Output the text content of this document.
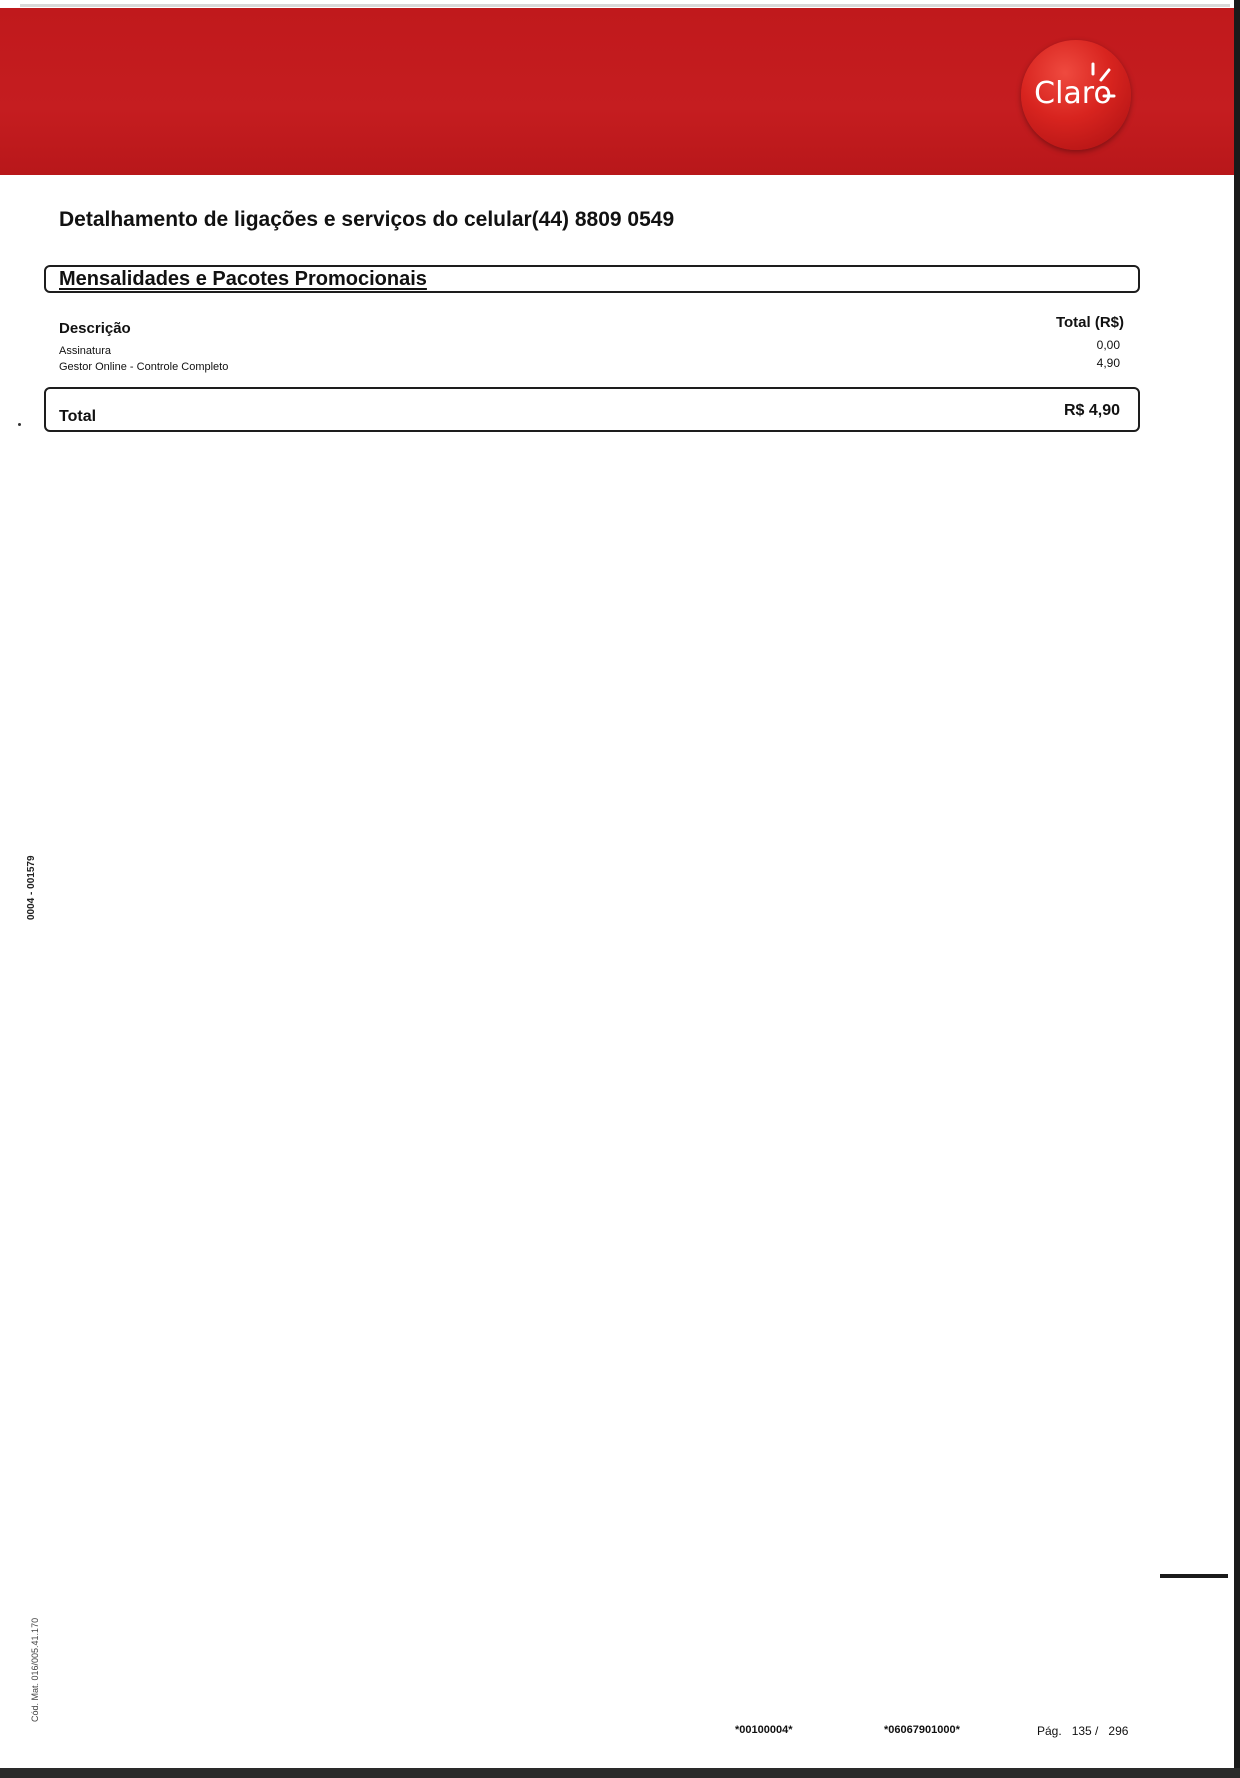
Claro
Detalhamento de ligações e serviços do celular(44) 8809 0549
Mensalidades e Pacotes Promocionais
Descrição	Total (R$)
Assinatura	0,00
Gestor Online - Controle Completo	4,90
Total	R$ 4,90
0004 - 001579
Cód. Mat. 016/005.41.170
*00100004*	*06067901000*	Pág. 135 / 296
